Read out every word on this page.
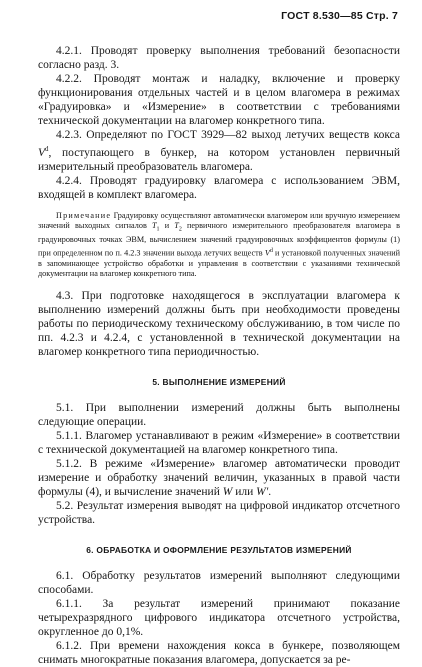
ГОСТ 8.530—85 Стр. 7

4.2.1. Проводят проверку выполнения требований безопасности согласно разд. 3.

4.2.2. Проводят монтаж и наладку, включение и проверку функционирования отдельных частей и в целом влагомера в режимах «Градуировка» и «Измерение» в соответствии с требованиями технической документации на влагомер конкретного типа.

4.2.3. Определяют по ГОСТ 3929—82 выход летучих веществ кокса $V^d$, поступающего в бункер, на котором установлен первичный измерительный преобразователь влагомера.

4.2.4. Проводят градуировку влагомера с использованием ЭВМ, входящей в комплект влагомера.

Примечание Градуировку осуществляют автоматически влагомером или вручную измерением значений выходных сигналов $T_1$ и $T_2$ первичного измерительного преобразователя влагомера в градуировочных точках ЭВМ, вычислением значений градуировочных коэффициентов формулы (1) при определенном по п. 4.2.3 значении выхода летучих веществ $V^d$ и установкой полученных значений в запоминающее устройство обработки и управления в соответствии с указаниями технической документации на влагомер конкретного типа.

4.3. При подготовке находящегося в эксплуатации влагомера к выполнению измерений должны быть при необходимости проведены работы по периодическому техническому обслуживанию, в том числе по пп. 4.2.3 и 4.2.4, с установленной в технической документации на влагомер конкретного типа периодичностью.

5. ВЫПОЛНЕНИЕ ИЗМЕРЕНИЙ

5.1. При выполнении измерений должны быть выполнены следующие операции.

5.1.1. Влагомер устанавливают в режим «Измерение» в соответствии с технической документацией на влагомер конкретного типа.

5.1.2. В режиме «Измерение» влагомер автоматически проводит измерение и обработку значений величин, указанных в правой части формулы (4), и вычисление значений W или W′.

5.2. Результат измерения выводят на цифровой индикатор отсчетного устройства.

6. ОБРАБОТКА И ОФОРМЛЕНИЕ РЕЗУЛЬТАТОВ ИЗМЕРЕНИЙ

6.1. Обработку результатов измерений выполняют следующими способами.

6.1.1. За результат измерений принимают показание четырехразрядного цифрового индикатора отсчетного устройства, округленное до 0,1%.

6.1.2. При времени нахождения кокса в бункере, позволяющем снимать многократные показания влагомера, допускается за ре-
